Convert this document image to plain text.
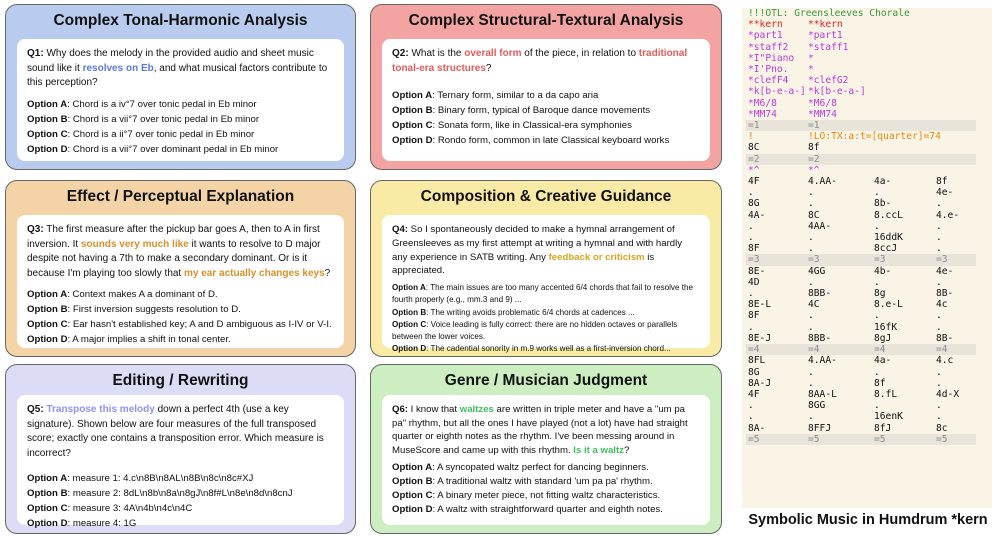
Complex Tonal-Harmonic Analysis
Q1: Why does the melody in the provided audio and sheet music sound like it resolves on Eb, and what musical factors contribute to this perception?
Option A: Chord is a iv°7 over tonic pedal in Eb minor
Option B: Chord is a vii°7 over tonic pedal in Eb minor
Option C: Chord is a ii°7 over tonic pedal in Eb minor
Option D: Chord is a vii°7 over dominant pedal in Eb minor
Complex Structural-Textural Analysis
Q2: What is the overall form of the piece, in relation to traditional tonal-era structures?
Option A: Ternary form, similar to a da capo aria
Option B: Binary form, typical of Baroque dance movements
Option C: Sonata form, like in Classical-era symphonies
Option D: Rondo form, common in late Classical keyboard works
Effect / Perceptual Explanation
Q3: The first measure after the pickup bar goes A, then to A in first inversion. It sounds very much like it wants to resolve to D major despite not having a 7th to make a secondary dominant. Or is it because I'm playing too slowly that my ear actually changes keys?
Option A: Context makes A a dominant of D.
Option B: First inversion suggests resolution to D.
Option C: Ear hasn't established key; A and D ambiguous as I-IV or V-I.
Option D: A major implies a shift in tonal center.
Composition & Creative Guidance
Q4: So I spontaneously decided to make a hymnal arrangement of Greensleeves as my first attempt at writing a hymnal and with hardly any experience in SATB writing. Any feedback or criticism is appreciated.
Option A: The main issues are too many accented 6/4 chords that fail to resolve the fourth properly (e.g., mm.3 and 9) ...
Option B: The writing avoids problematic 6/4 chords at cadences ...
Option C: Voice leading is fully correct: there are no hidden octaves or parallels between the lower voices.
Option D: The cadential sonority in m.9 works well as a first-inversion chord...
Editing / Rewriting
Q5: Transpose this melody down a perfect 4th (use a key signature). Shown below are four measures of the full transposed score; exactly one contains a transposition error. Which measure is incorrect?
Option A: measure 1: 4.c\n8B\n8AL\n8B\n8c\n8c#XJ
Option B: measure 2: 8dL\n8b\n8a\n8gJ\n8f#L\n8e\n8d\n8cnJ
Option C: measure 3: 4A\n4b\n4c\n4C
Option D: measure 4: 1G
Genre / Musician Judgment
Q6: I know that waltzes are written in triple meter and have a "um pa pa" rhythm, but all the ones I have played (not a lot) have had straight quarter or eighth notes as the rhythm. I've been messing around in MuseScore and came up with this rhythm. Is it a waltz?
Option A: A syncopated waltz perfect for dancing beginners.
Option B: A traditional waltz with standard 'um pa pa' rhythm.
Option C: A binary meter piece, not fitting waltz characteristics.
Option D: A waltz with straightforward quarter and eighth notes.
!!!OTL: Greensleeves Chorale			
**kern	**kern		
*part1	*part1		
*staff2	*staff1		
*I"Piano	*		
*I'Pno.	*		
*clefF4	*clefG2		
*k[b-e-a-]	*k[b-e-a-]		
*M6/8	*M6/8		
*MM74	*MM74		
=1	=1		
!	!LO:TX:a:t=[quarter]=74		
8C	8f		
=2	=2		
*^	*^		
4F	4.AA-	4a-	8f
.	.	.	4e-
8G	.	8b-	.
4A-	8C	8.ccL	4.e-
.	4AA-	.	.
.	.	16ddK	.
8F	.	8ccJ	.
=3	=3	=3	=3
8E-	4GG	4b-	4e-
4D	.	.	.
.	8BB-	8g	8B-
8E-L	4C	8.e-L	4c
8F	.	.	.
.	.	16fK	.
8E-J	8BB-	8gJ	8B-
=4	=4	=4	=4
8FL	4.AA-	4a-	4.c
8G	.	.	.
8A-J	.	8f	.
4F	8AA-L	8.fL	4d-X
.	8GG	.	.
.	.	16enK	.
8A-	8FFJ	8fJ	8c
=5	=5	=5	=5
Symbolic Music in Humdrum *kern
